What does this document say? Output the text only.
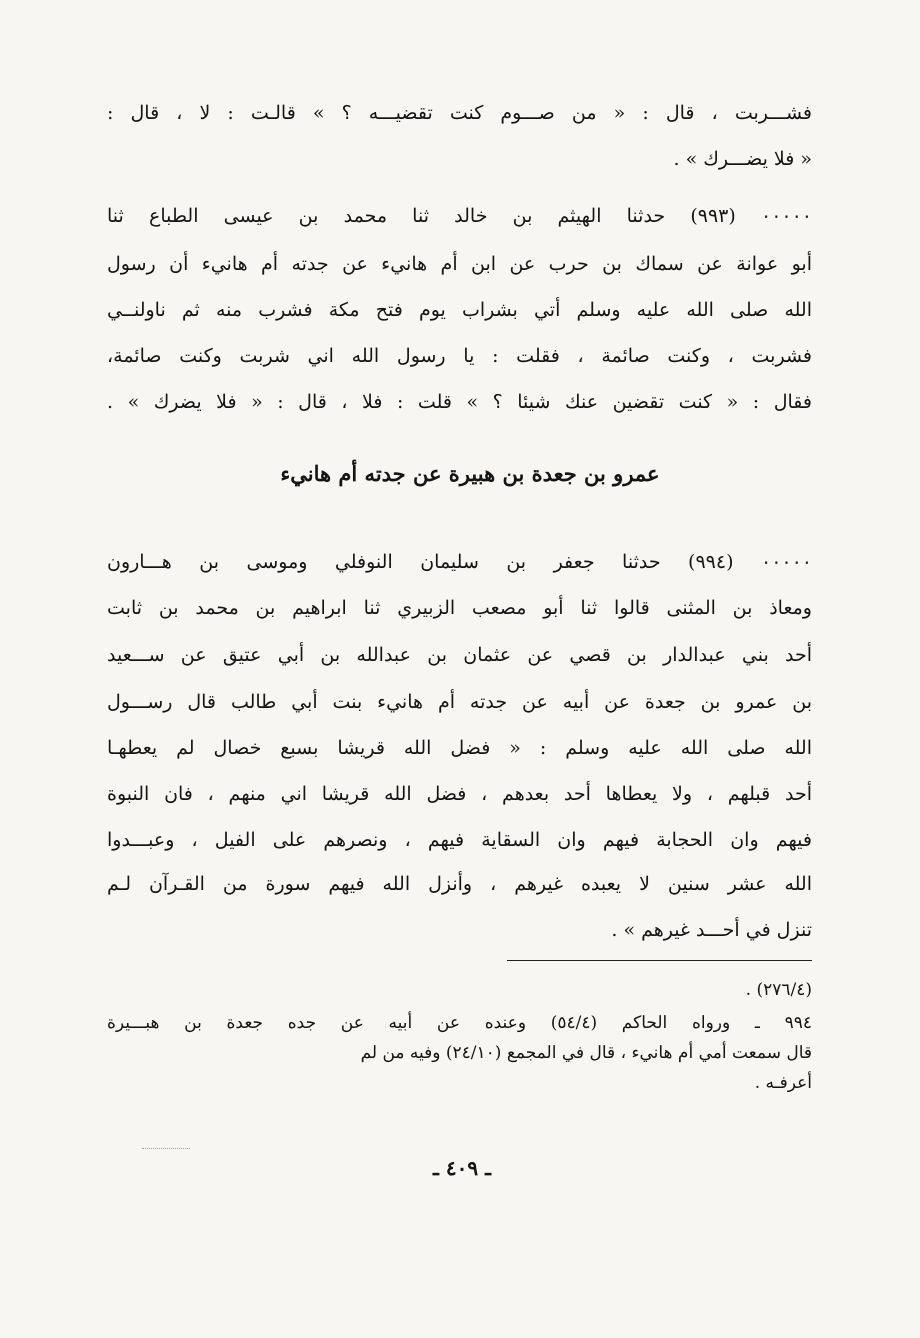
فشـــربت ، قال : « من صـــوم كنت تقضيـــه ؟ » قالـت : لا ، قال :
« فلا يضـــرك » .
٠٠٠٠٠ (٩٩٣) حدثنا الهيثم بن خالد ثنا محمد بن عيسى الطباع ثنا
أبو عوانة عن سماك بن حرب عن ابن أم هانيء عن جدته أم هانيء أن رسول
الله صلى الله عليه وسلم أتي بشراب يوم فتح مكة فشرب منه ثم ناولنــي
فشربت ، وكنت صائمة ، فقلت : يا رسول الله اني شربت وكنت صائمة،
فقال : « كنت تقضين عنك شيئا ؟ » قلت : فلا ، قال : « فلا يضرك » .
عمرو بن جعدة بن هبيرة عن جدته أم هانيء
٠٠٠٠٠ (٩٩٤) حدثنا جعفر بن سليمان النوفلي وموسى بن هـــارون
ومعاذ بن المثنى قالوا ثنا أبو مصعب الزبيري ثنا ابراهيم بن محمد بن ثابت
أحد بني عبدالدار بن قصي عن عثمان بن عبدالله بن أبي عتيق عن ســـعيد
بن عمرو بن جعدة عن أبيه عن جدته أم هانيء بنت أبي طالب قال رســـول
الله صلى الله عليه وسلم : « فضل الله قريشا بسبع خصال لم يعطهـا
أحد قبلهم ، ولا يعطاها أحد بعدهم ، فضل الله قريشا اني منهم ، فان النبوة
فيهم وان الحجابة فيهم وان السقاية فيهم ، ونصرهم على الفيل ، وعبـــدوا
الله عشر سنين لا يعبده غيرهم ، وأنزل الله فيهم سورة من القـرآن لـم
تنزل في أحـــد غيرهم » .
(٢٧٦/٤) .
٩٩٤ ـ ورواه الحاكم (٥٤/٤) وعنده عن أبيه عن جده جعدة بن هبـــيرة
قال سمعت أمي أم هانيء ، قال في المجمع (٢٤/١٠) وفيه من لم
أعرفـه .
ـ ٤٠٩ ـ
